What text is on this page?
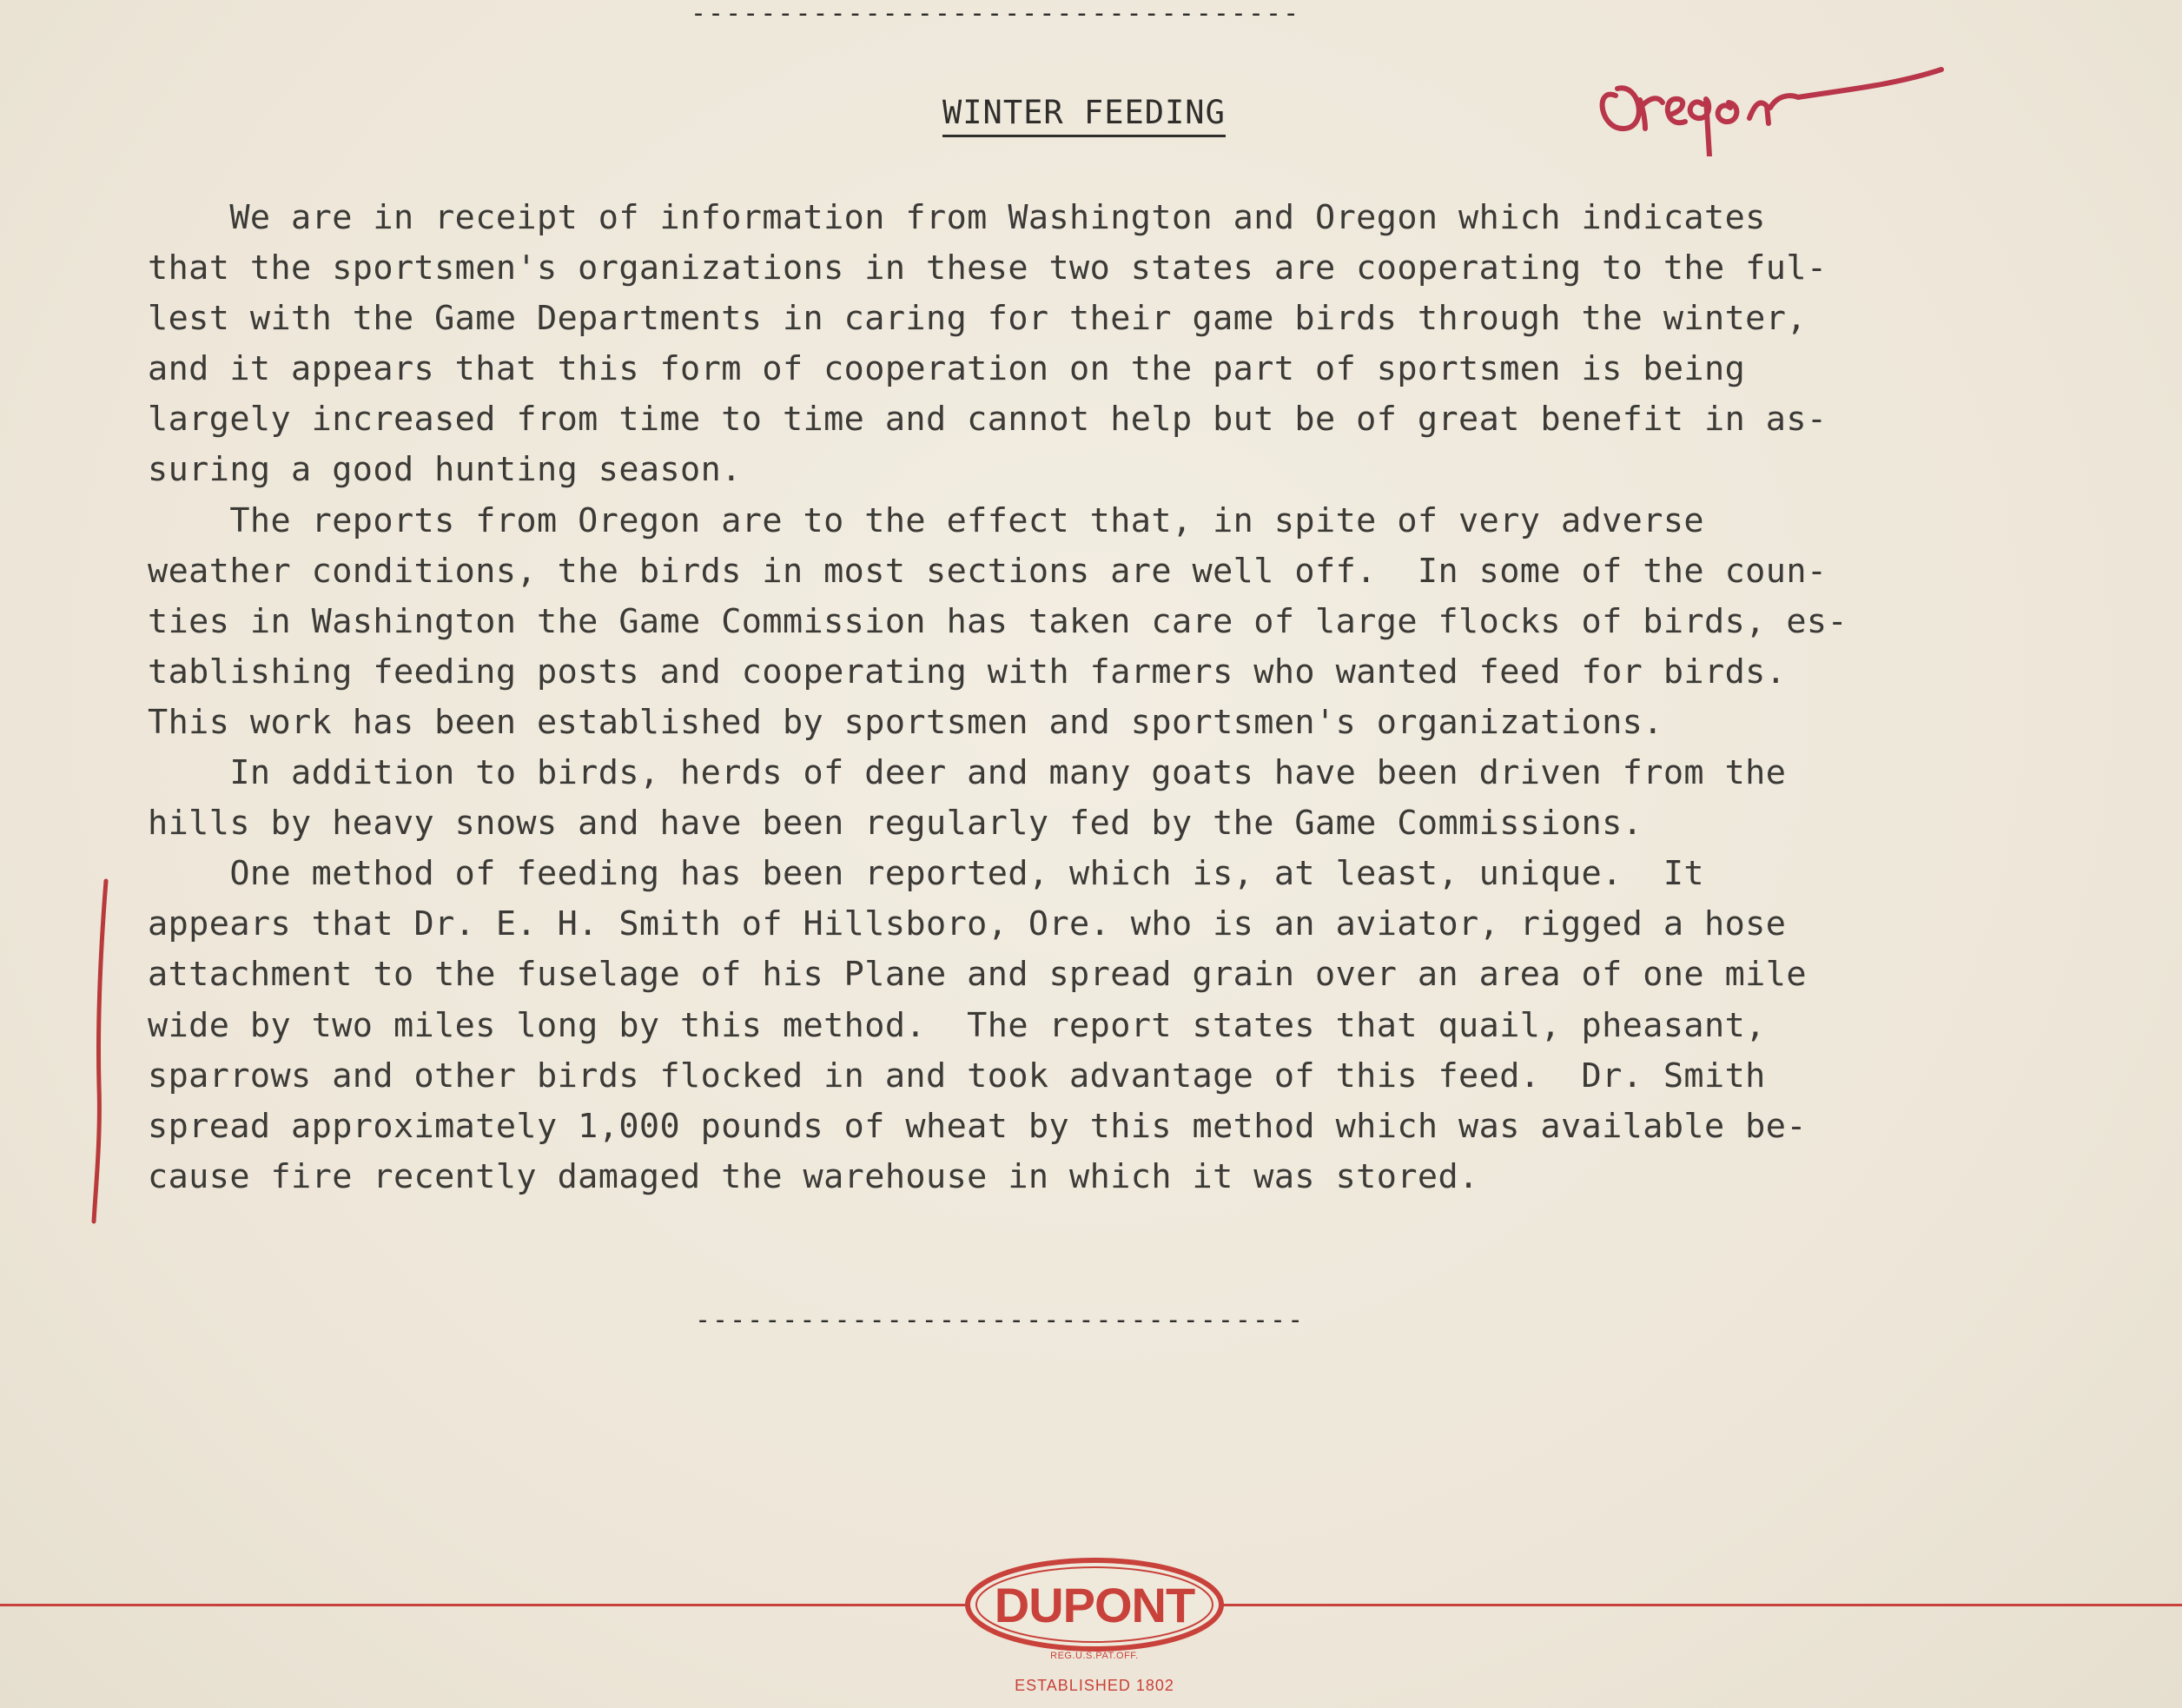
-----------------------------------
WINTER FEEDING
We are in receipt of information from Washington and Oregon which indicates
that the sportsmen's organizations in these two states are cooperating to the ful-
lest with the Game Departments in caring for their game birds through the winter,
and it appears that this form of cooperation on the part of sportsmen is being
largely increased from time to time and cannot help but be of great benefit in as-
suring a good hunting season.
The reports from Oregon are to the effect that, in spite of very adverse
weather conditions, the birds in most sections are well off.  In some of the coun-
ties in Washington the Game Commission has taken care of large flocks of birds, es-
tablishing feeding posts and cooperating with farmers who wanted feed for birds.
This work has been established by sportsmen and sportsmen's organizations.
In addition to birds, herds of deer and many goats have been driven from the
hills by heavy snows and have been regularly fed by the Game Commissions.
One method of feeding has been reported, which is, at least, unique.  It
appears that Dr. E. H. Smith of Hillsboro, Ore. who is an aviator, rigged a hose
attachment to the fuselage of his Plane and spread grain over an area of one mile
wide by two miles long by this method.  The report states that quail, pheasant,
sparrows and other birds flocked in and took advantage of this feed.  Dr. Smith
spread approximately 1,000 pounds of wheat by this method which was available be-
cause fire recently damaged the warehouse in which it was stored.
-----------------------------------
DUPONT
REG.U.S.PAT.OFF.
ESTABLISHED 1802
